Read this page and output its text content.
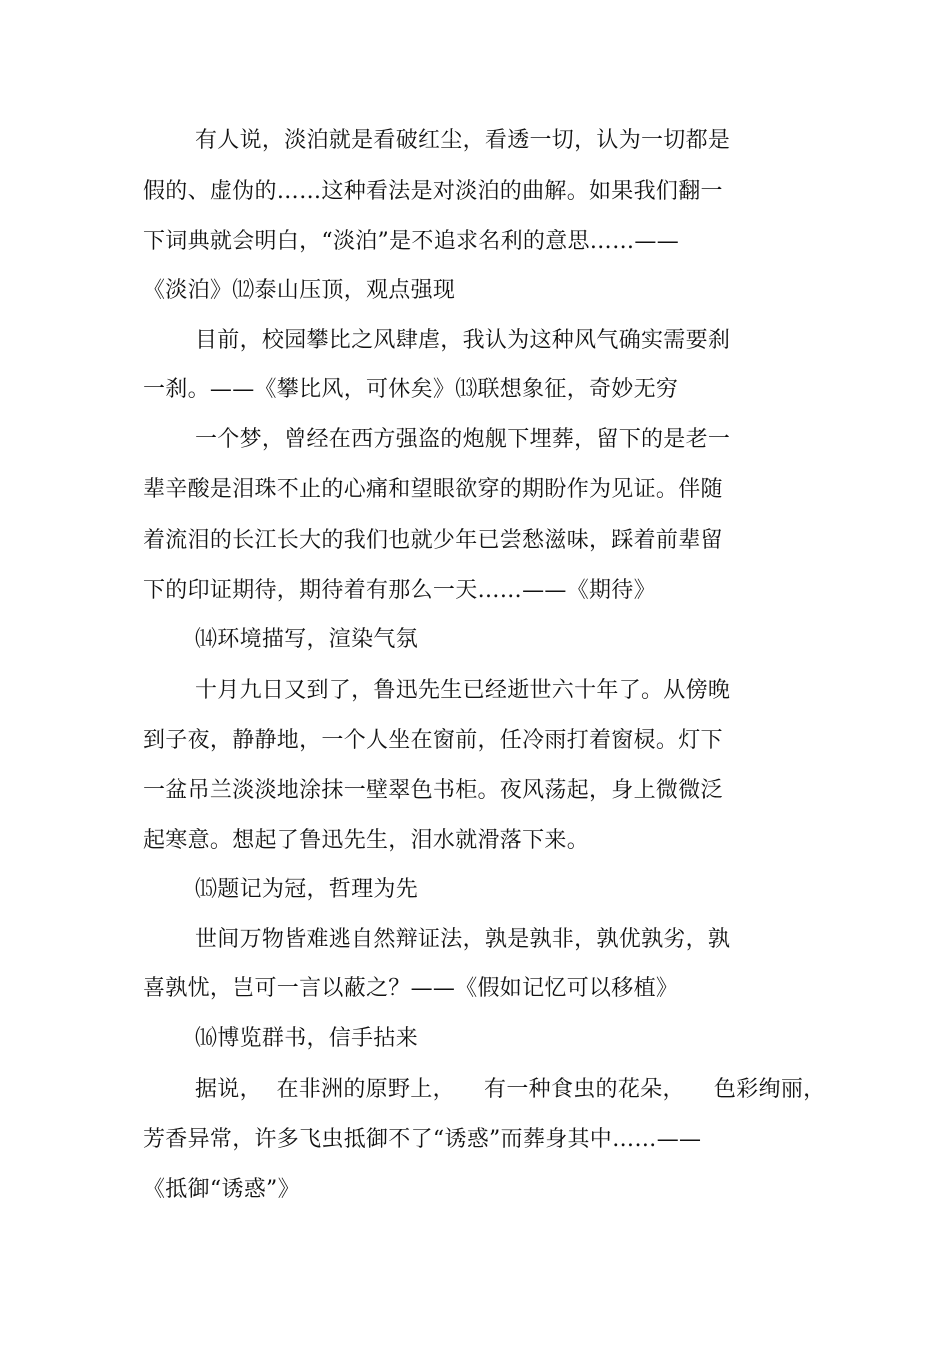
有人说，淡泊就是看破红尘，看透一切，认为一切都是
假的、虚伪的……这种看法是对淡泊的曲解。如果我们翻一
下词典就会明白，“淡泊”是不追求名利的意思……——
《淡泊》⑿泰山压顶，观点强现
目前，校园攀比之风肆虐，我认为这种风气确实需要刹
一刹。——《攀比风，可休矣》⒀联想象征，奇妙无穷
一个梦，曾经在西方强盗的炮舰下埋葬，留下的是老一
辈辛酸是泪珠不止的心痛和望眼欲穿的期盼作为见证。伴随
着流泪的长江长大的我们也就少年已尝愁滋味，踩着前辈留
下的印证期待，期待着有那么一天……——《期待》
⒁环境描写，渲染气氛
十月九日又到了，鲁迅先生已经逝世六十年了。从傍晚
到子夜，静静地，一个人坐在窗前，任冷雨打着窗棂。灯下
一盆吊兰淡淡地涂抹一壁翠色书柜。夜风荡起，身上微微泛
起寒意。想起了鲁迅先生，泪水就滑落下来。
⒂题记为冠，哲理为先
世间万物皆难逃自然辩证法，孰是孰非，孰优孰劣，孰
喜孰忧，岂可一言以蔽之？——《假如记忆可以移植》
⒃博览群书，信手拈来
据说，  在非洲的原野上，    有一种食虫的花朵，    色彩绚丽，
芳香异常，许多飞虫抵御不了“诱惑”而葬身其中……——
《抵御“诱惑”》
